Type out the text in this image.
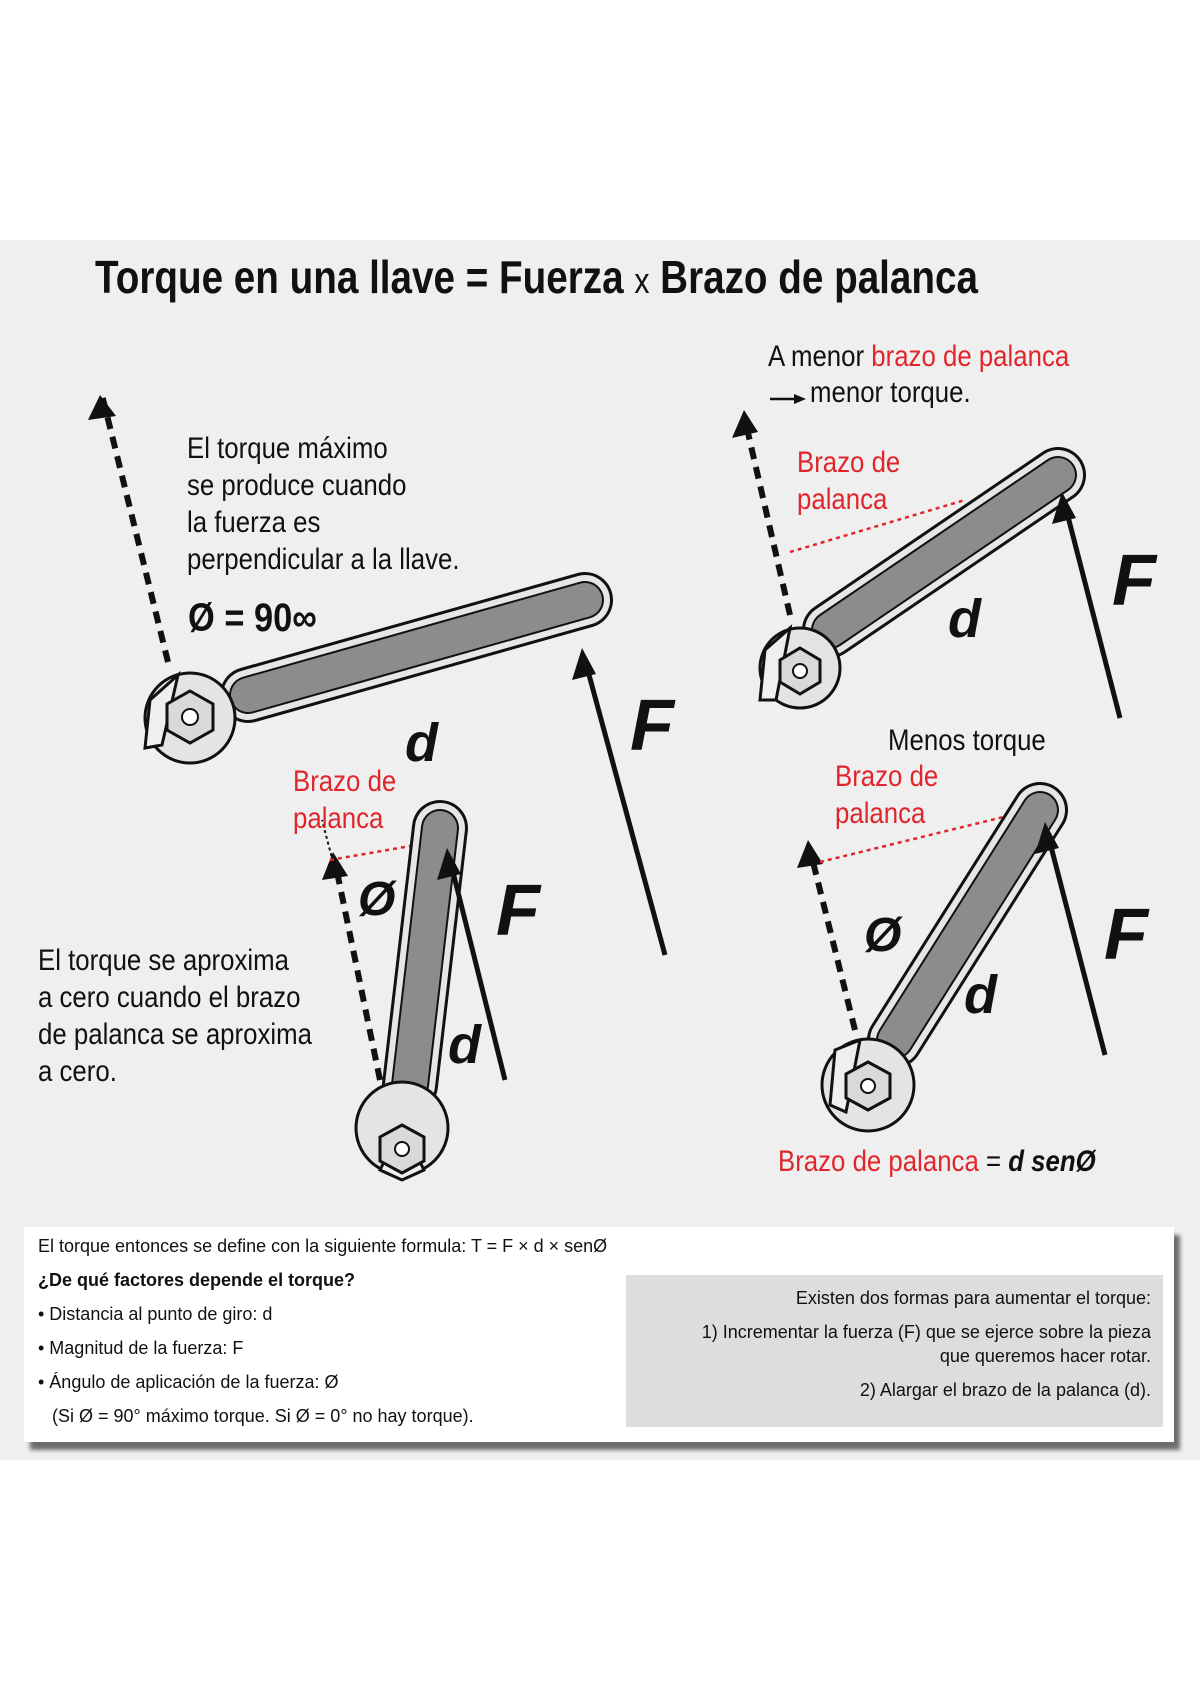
Torque en una llave = Fuerza x Brazo de palanca

El torque máximo
se produce cuando
la fuerza es
perpendicular a la llave.

Ø = 90∞

d	F

A menor brazo de palanca

menor torque.

Brazo de
palanca

d F

Brazo de
palanca

Ø F

d

El torque se aproxima
a cero cuando el brazo
de palanca se aproxima
a cero.

Menos torque

Brazo de
palanca

Ø	F

d

Brazo de palanca = d senØ

El torque entonces se define con la siguiente formula: T = F × d × senØ

¿De qué factores depende el torque?

• Distancia al punto de giro: d

• Magnitud de la fuerza: F

• Ángulo de aplicación de la fuerza: Ø

(Si Ø = 90° máximo torque. Si Ø = 0° no hay torque).

Existen dos formas para aumentar el torque:

1) Incrementar la fuerza (F) que se ejerce sobre la pieza

que queremos hacer rotar.

2) Alargar el brazo de la palanca (d).
